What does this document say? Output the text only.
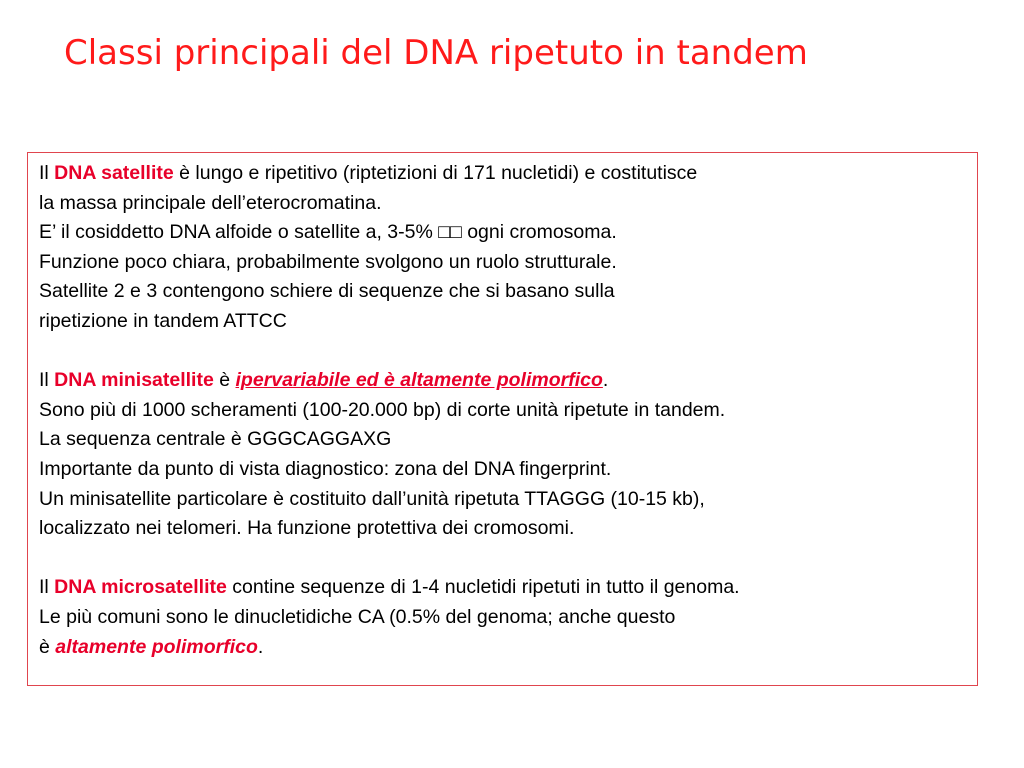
Classi principali del DNA ripetuto in tandem
Il DNA satellite è lungo e ripetitivo (riptetizioni di 171 nucletidi) e costitutisce
la massa principale dell’eterocromatina.
E’ il cosiddetto DNA alfoide o satellite a, 3-5% □□ ogni cromosoma.
Funzione poco chiara, probabilmente svolgono un ruolo strutturale.
Satellite 2 e 3 contengono schiere di sequenze che si basano sulla
ripetizione in tandem ATTCC
Il DNA minisatellite è ipervariabile ed è altamente polimorfico.
Sono più di 1000 scheramenti (100-20.000 bp) di corte unità ripetute in tandem.
La sequenza centrale è GGGCAGGAXG
Importante da punto di vista diagnostico: zona del DNA fingerprint.
Un minisatellite particolare è costituito dall’unità ripetuta TTAGGG (10-15 kb),
localizzato nei telomeri. Ha funzione protettiva dei cromosomi.
Il DNA microsatellite contine sequenze di 1-4 nucletidi ripetuti in tutto il genoma.
Le più comuni sono le dinucletidiche CA (0.5% del genoma; anche questo
è altamente polimorfico.
